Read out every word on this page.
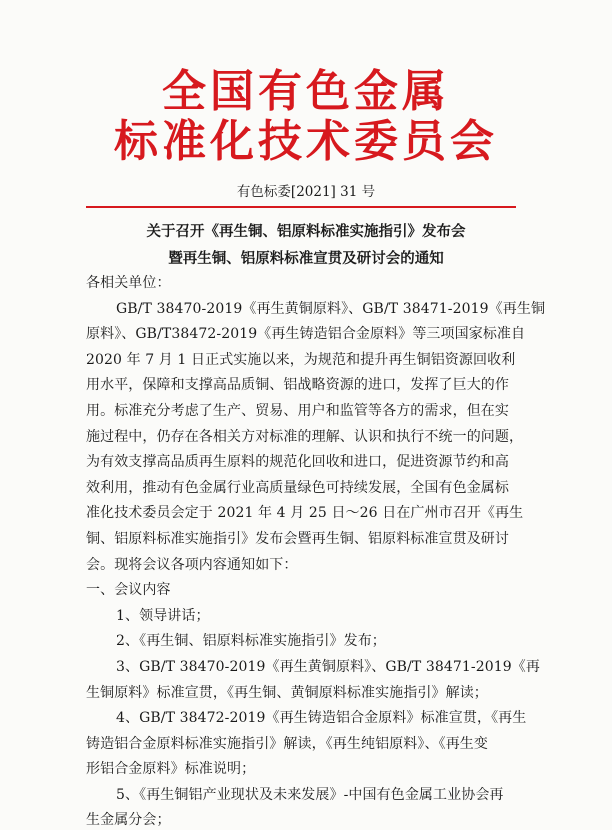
全国有色金属
标准化技术委员会
有色标委[2021] 31 号
关于召开《再生铜、铝原料标准实施指引》发布会
暨再生铜、铝原料标准宣贯及研讨会的通知
各相关单位：
GB/T 38470-2019《再生黄铜原料》、GB/T 38471-2019《再生铜
原料》、GB/T38472-2019《再生铸造铝合金原料》等三项国家标准自
2020 年 7 月 1 日正式实施以来，为规范和提升再生铜铝资源回收利
用水平，保障和支撑高品质铜、铝战略资源的进口，发挥了巨大的作
用。标准充分考虑了生产、贸易、用户和监管等各方的需求，但在实
施过程中，仍存在各相关方对标准的理解、认识和执行不统一的问题，
为有效支撑高品质再生原料的规范化回收和进口，促进资源节约和高
效利用，推动有色金属行业高质量绿色可持续发展，全国有色金属标
准化技术委员会定于 2021 年 4 月 25 日～26 日在广州市召开《再生
铜、铝原料标准实施指引》发布会暨再生铜、铝原料标准宣贯及研讨
会。现将会议各项内容通知如下：
一、会议内容
1、领导讲话；
2、《再生铜、铝原料标准实施指引》发布；
3、GB/T 38470-2019《再生黄铜原料》、GB/T 38471-2019《再
生铜原料》标准宣贯，《再生铜、黄铜原料标准实施指引》解读；
4、GB/T 38472-2019《再生铸造铝合金原料》标准宣贯，《再生
铸造铝合金原料标准实施指引》解读，《再生纯铝原料》、《再生变
形铝合金原料》标准说明；
5、《再生铜铝产业现状及未来发展》-中国有色金属工业协会再
生金属分会；
